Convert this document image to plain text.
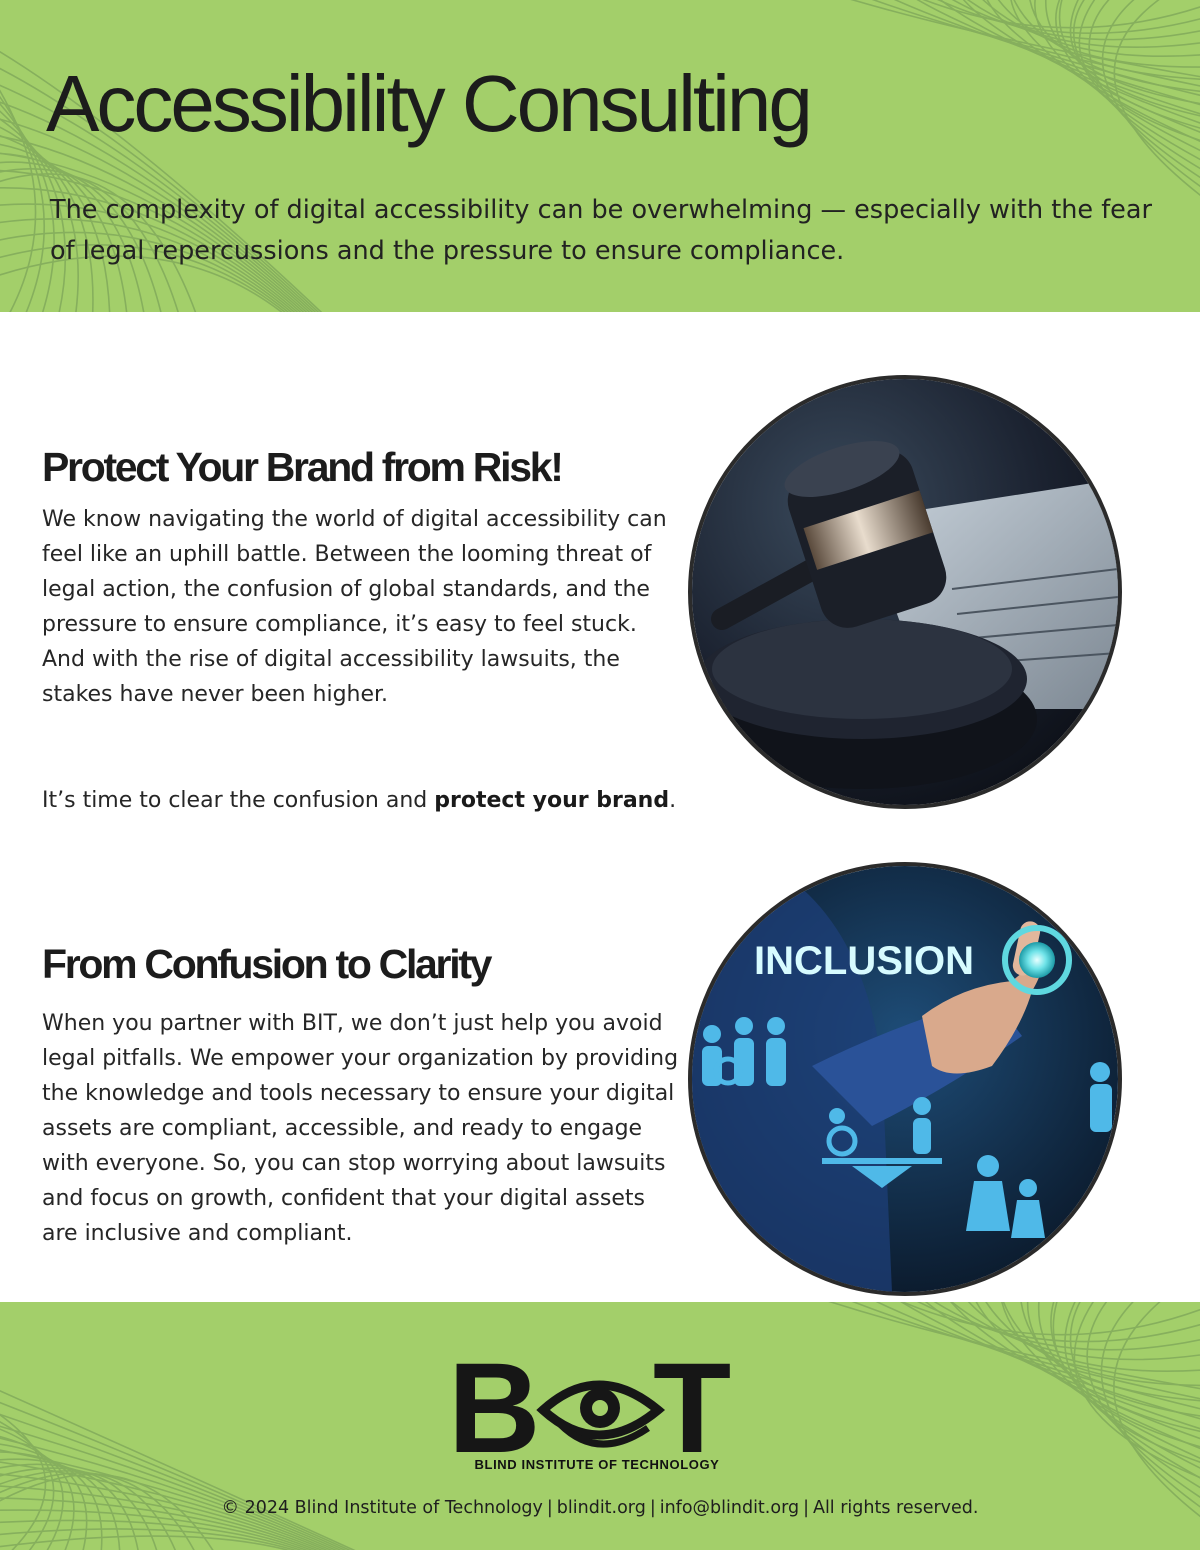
Accessibility Consulting
The complexity of digital accessibility can be overwhelming — especially with the fear of legal repercussions and the pressure to ensure compliance.
Protect Your Brand from Risk!

We know navigating the world of digital accessibility can feel like an uphill battle. Between the looming threat of legal action, the confusion of global standards, and the pressure to ensure compliance, it’s easy to feel stuck. And with the rise of digital accessibility lawsuits, the stakes have never been higher.

It’s time to clear the confusion and protect your brand.

From Confusion to Clarity

When you partner with BIT, we don’t just help you avoid legal pitfalls. We empower your organization by providing the knowledge and tools necessary to ensure your digital assets are compliant, accessible, and ready to engage with everyone. So, you can stop worrying about lawsuits and focus on growth, confident that your digital assets are inclusive and compliant.

INCLUSION
B T
BLIND INSTITUTE OF TECHNOLOGY
© 2024 Blind Institute of Technology | blindit.org | info@blindit.org | All rights reserved.
